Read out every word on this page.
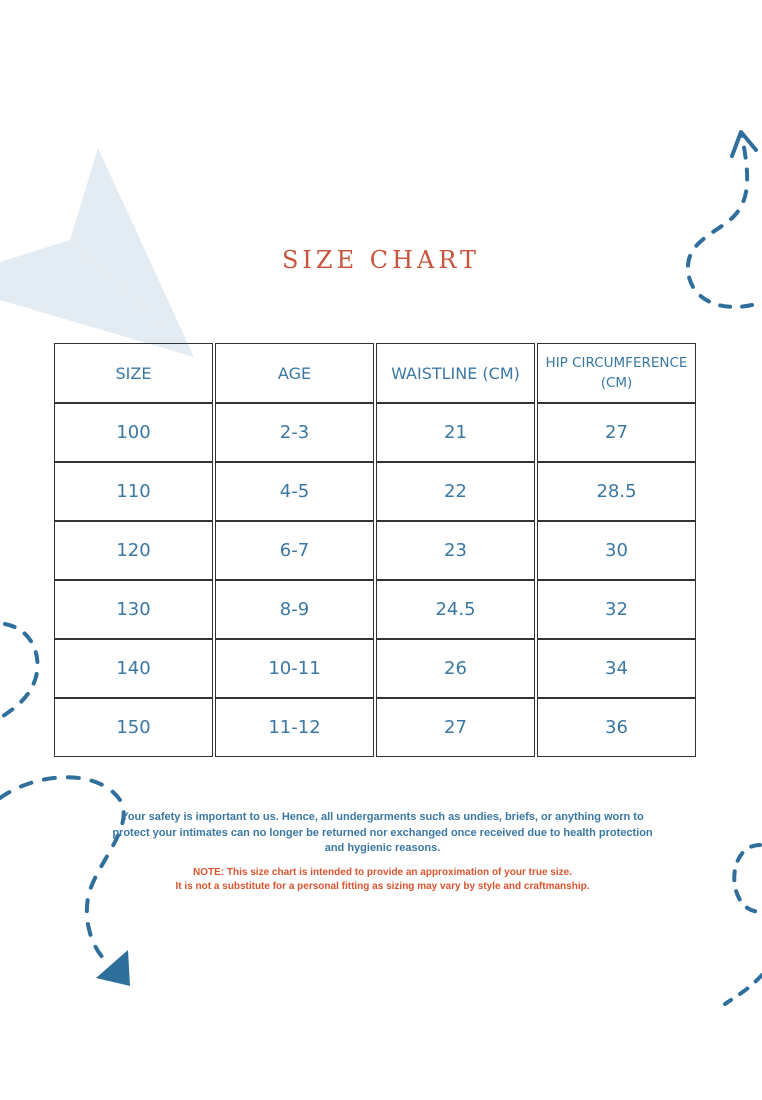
SIZE CHART
SIZE	AGE	WAISTLINE (CM)	HIP CIRCUMFERENCE (CM)
100	2-3	21	27
110	4-5	22	28.5
120	6-7	23	30
130	8-9	24.5	32
140	10-11	26	34
150	11-12	27	36
Your safety is important to us. Hence, all undergarments such as undies, briefs, or anything worn to protect your intimates can no longer be returned nor exchanged once received due to health protection and hygienic reasons.
NOTE: This size chart is intended to provide an approximation of your true size.
It is not a substitute for a personal fitting as sizing may vary by style and craftmanship.
